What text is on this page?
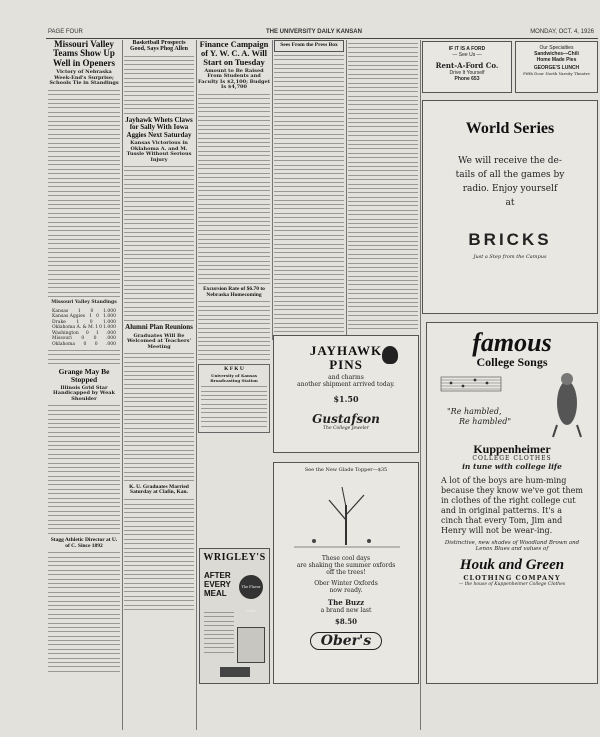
PAGE FOUR	THE UNIVERSITY DAILY KANSAN	MONDAY, OCT. 4, 1926
Missouri Valley Teams Show Up Well in Openers
Victory of Nebraska Week-End's Surprise; Schools Tie in Standings
Missouri Valley Standings
Kansas 1 0 1.000
Kansas Aggies 1 0 1.000
Drake 1 0 1.000
Oklahoma A. & M. 1 0 1.000
Washington 0 1 .000
Missouri 0 0 .000
Oklahoma 0 0 .000
Grange May Be Stopped
Illinois Grid Star Handicapped by Weak Shoulder
Stagg Athletic Director at U. of C. Since 1892
Basketball Prospects Good, Says Phog Allen
Jayhawk Whets Claws for Sally With Iowa Aggies Next Saturday
Kansas Victorious in Oklahoma A. and M. Tussle Without Serious Injury
Alumni Plan Reunions
Graduates Will Be Welcomed at Teachers' Meeting
K. U. Graduates Married Saturday at Clafin, Kan.
Finance Campaign of Y. W. C. A. Will Start on Tuesday
Amount to Be Raised From Students and Faculty Is $2,100; Budget Is $4,700
Excursion Rate of $6.70 to Nebraska Homecoming
K F K U
University of Kansas Broadcasting Station
WRIGLEY'S
AFTER
EVERY
MEAL
The Flavor Lasts
Sees From the Press Box
JAYHAWK
PINS
and charms
another shipment arrived today.
$1.50
Gustafson
The College Jeweler
See the New Glade Topper—$35
These cool days
are shaking the summer oxfords
off the trees!
Ober Winter Oxfords
now ready.
The Buzz
a brand new last
$8.50
Ober's
IF IT IS A FORD
— See Us —
Rent-A-Ford Co.
Drive It Yourself
Phone 653
Our Specialties
Sandwiches—Chili
Home Made Pies
GEORGE'S LUNCH
Fifth Door North Varsity Theatre
World Series
We will receive the de-
tails of all the games by
radio. Enjoy yourself
at
BRICKS
Just a Step from the Campus
famous
College Songs
"Re hambled,
Re hambled"
Kuppenheimer
COLLEGE CLOTHES
in tune with college life
A lot of the boys are hum-ming because they know we've got them in clothes of the right college cut and in original patterns. It's a cinch that every Tom, Jim and Henry will not be wear-ing.
Distinctive, new shades of Woodland Brown and Lenox Blues and values of
Houk and Green
CLOTHING COMPANY
— the house of Kuppenheimer College Clothes
